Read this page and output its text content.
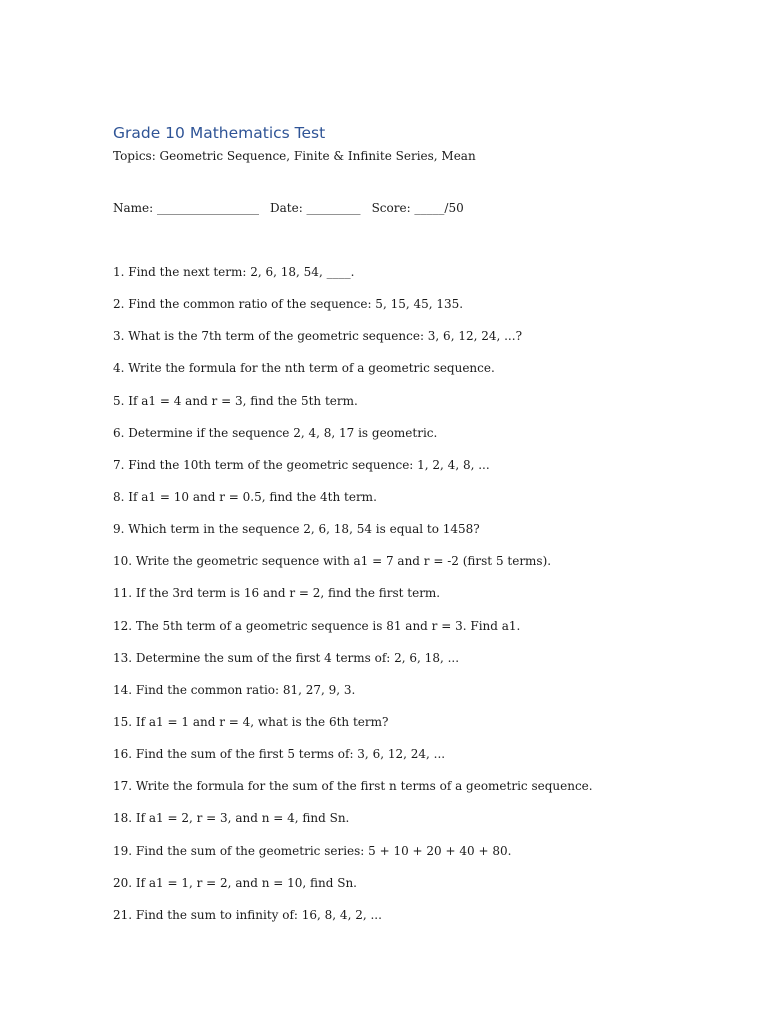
Grade 10 Mathematics Test
Topics: Geometric Sequence, Finite & Infinite Series, Mean
Name: _________________ Date: _________ Score: _____/50
1. Find the next term: 2, 6, 18, 54, ____.
2. Find the common ratio of the sequence: 5, 15, 45, 135.
3. What is the 7th term of the geometric sequence: 3, 6, 12, 24, ...?
4. Write the formula for the nth term of a geometric sequence.
5. If a1 = 4 and r = 3, find the 5th term.
6. Determine if the sequence 2, 4, 8, 17 is geometric.
7. Find the 10th term of the geometric sequence: 1, 2, 4, 8, ...
8. If a1 = 10 and r = 0.5, find the 4th term.
9. Which term in the sequence 2, 6, 18, 54 is equal to 1458?
10. Write the geometric sequence with a1 = 7 and r = -2 (first 5 terms).
11. If the 3rd term is 16 and r = 2, find the first term.
12. The 5th term of a geometric sequence is 81 and r = 3. Find a1.
13. Determine the sum of the first 4 terms of: 2, 6, 18, ...
14. Find the common ratio: 81, 27, 9, 3.
15. If a1 = 1 and r = 4, what is the 6th term?
16. Find the sum of the first 5 terms of: 3, 6, 12, 24, ...
17. Write the formula for the sum of the first n terms of a geometric sequence.
18. If a1 = 2, r = 3, and n = 4, find Sn.
19. Find the sum of the geometric series: 5 + 10 + 20 + 40 + 80.
20. If a1 = 1, r = 2, and n = 10, find Sn.
21. Find the sum to infinity of: 16, 8, 4, 2, ...
